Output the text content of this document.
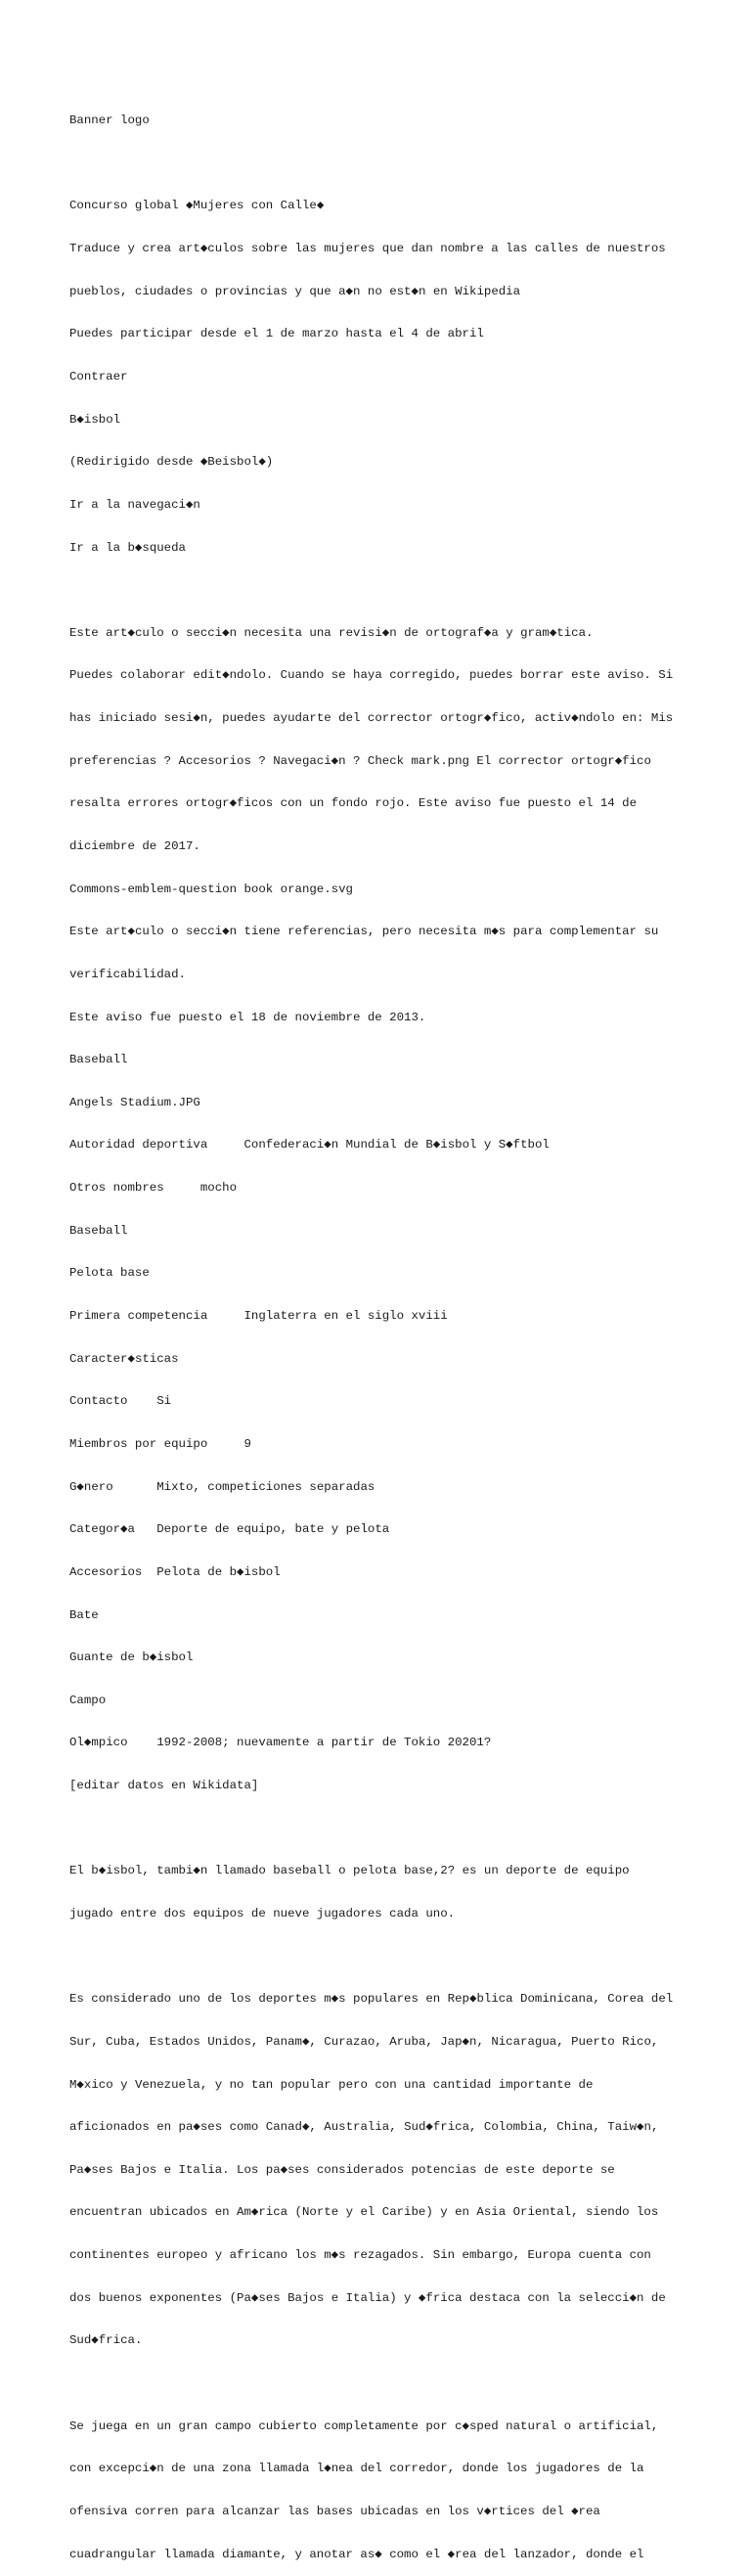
Banner logo

Concurso global ◆Mujeres con Calle◆

Traduce y crea art◆culos sobre las mujeres que dan nombre a las calles de nuestros

pueblos, ciudades o provincias y que a◆n no est◆n en Wikipedia

Puedes participar desde el 1 de marzo hasta el 4 de abril

Contraer

B◆isbol

(Redirigido desde ◆Beisbol◆)

Ir a la navegaci◆n

Ir a la b◆squeda

Este art◆culo o secci◆n necesita una revisi◆n de ortograf◆a y gram◆tica.

Puedes colaborar edit◆ndolo. Cuando se haya corregido, puedes borrar este aviso. Si

has iniciado sesi◆n, puedes ayudarte del corrector ortogr◆fico, activ◆ndolo en: Mis

preferencias ? Accesorios ? Navegaci◆n ? Check mark.png El corrector ortogr◆fico

resalta errores ortogr◆ficos con un fondo rojo. Este aviso fue puesto el 14 de

diciembre de 2017.

Commons-emblem-question book orange.svg

Este art◆culo o secci◆n tiene referencias, pero necesita m◆s para complementar su

verificabilidad.

Este aviso fue puesto el 18 de noviembre de 2013.

Baseball

Angels Stadium.JPG

Autoridad deportiva     Confederaci◆n Mundial de B◆isbol y S◆ftbol

Otros nombres     mocho

Baseball

Pelota base

Primera competencia     Inglaterra en el siglo xviii

Caracter◆sticas

Contacto    Si

Miembros por equipo     9

G◆nero      Mixto, competiciones separadas

Categor◆a   Deporte de equipo, bate y pelota

Accesorios  Pelota de b◆isbol

Bate

Guante de b◆isbol

Campo

Ol◆mpico    1992-2008; nuevamente a partir de Tokio 20201?

[editar datos en Wikidata]

El b◆isbol, tambi◆n llamado baseball o pelota base,2? es un deporte de equipo

jugado entre dos equipos de nueve jugadores cada uno.

Es considerado uno de los deportes m◆s populares en Rep◆blica Dominicana, Corea del

Sur, Cuba, Estados Unidos, Panam◆, Curazao, Aruba, Jap◆n, Nicaragua, Puerto Rico,

M◆xico y Venezuela, y no tan popular pero con una cantidad importante de

aficionados en pa◆ses como Canad◆, Australia, Sud◆frica, Colombia, China, Taiw◆n,

Pa◆ses Bajos e Italia. Los pa◆ses considerados potencias de este deporte se

encuentran ubicados en Am◆rica (Norte y el Caribe) y en Asia Oriental, siendo los

continentes europeo y africano los m◆s rezagados. Sin embargo, Europa cuenta con

dos buenos exponentes (Pa◆ses Bajos e Italia) y ◆frica destaca con la selecci◆n de

Sud◆frica.

Se juega en un gran campo cubierto completamente por c◆sped natural o artificial,

con excepci◆n de una zona llamada l◆nea del corredor, donde los jugadores de la

ofensiva corren para alcanzar las bases ubicadas en los v◆rtices del ◆rea

cuadrangular llamada diamante, y anotar as◆ como el ◆rea del lanzador, donde el
